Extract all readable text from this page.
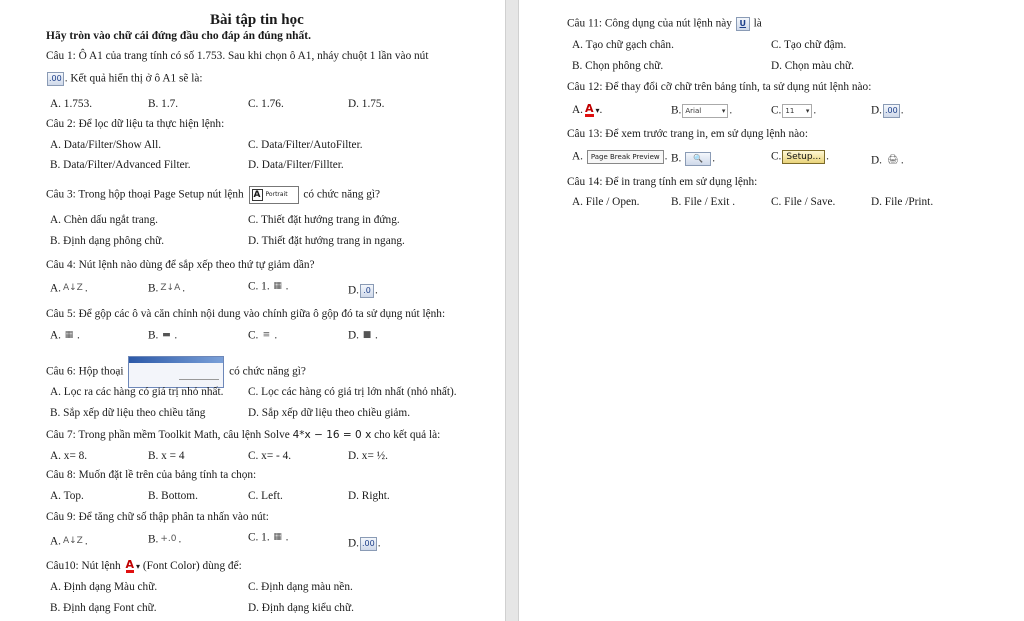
Bài tập tin học
Hãy tròn vào chữ cái đứng đầu cho đáp án đúng nhất.
Câu 1: Ô A1 của trang tính có số 1.753. Sau khi chọn ô A1, nháy chuột 1 lần vào nút
.00 . Kết quả hiển thị ở ô A1 sẽ là:
A. 1.753.	B. 1.7.	C. 1.76.	D. 1.75.
Câu 2: Để lọc dữ liệu ta thực hiện lệnh:
A. Data/Filter/Show All.	C. Data/Filter/AutoFilter.
B. Data/Filter/Advanced Filter.	D. Data/Filter/Fillter.
Câu 3: Trong hộp thoại Page Setup nút lệnh A Portrait có chức năng gì?
A. Chèn dấu ngắt trang.	C. Thiết đặt hướng trang in đứng.
B. Định dạng phông chữ.	D. Thiết đặt hướng trang in ngang.
Câu 4: Nút lệnh nào dùng để sắp xếp theo thứ tự giảm dần?
A. A↓Z .	B. Z↓A .	C. 1. ▦ .	D. .0 .
Câu 5: Để gộp các ô và căn chỉnh nội dung vào chính giữa ô gộp đó ta sử dụng nút lệnh:
A. ▦ .	B. ▬ .	C. ≡ .	D. ■ .
Câu 6: Hộp thoại	có chức năng gì?
A. Lọc ra các hàng có giá trị nhỏ nhất. C. Lọc các hàng có giá trị lớn nhất (nhỏ nhất).
B. Sắp xếp dữ liệu theo chiều tăng	D. Sắp xếp dữ liệu theo chiều giảm.
Câu 7: Trong phần mềm Toolkit Math, câu lệnh Solve 4*x − 16 = 0 x cho kết quả là:
A. x= 8.	B. x = 4	C. x= - 4.	D. x= ½.
Câu 8: Muốn đặt lề trên của bảng tính ta chọn:
A. Top.	B. Bottom.	C. Left.	D. Right.
Câu 9: Để tăng chữ số thập phân ta nhấn vào nút:
A. A↓Z .	B. +.0 .	C. 1. ▦ .	D. .00 .
Câu10: Nút lệnh A ▾ (Font Color) dùng để:
A. Định dạng Màu chữ.	C. Định dạng màu nền.
B. Định dạng Font chữ.	D. Định dạng kiểu chữ.
Câu 11: Công dụng của nút lệnh này U là
A. Tạo chữ gạch chân.	C. Tạo chữ đậm.
B. Chọn phông chữ.	D. Chọn màu chữ.
Câu 12: Để thay đổi cỡ chữ trên bảng tính, ta sử dụng nút lệnh nào:
A. A ▾.	B. Arial ▾ .	C. 11 ▾ .	D. .00 .
Câu 13: Để xem trước trang in, em sử dụng lệnh nào:
A. Page Break Preview . B. 🔍 .	C. Setup... .	D. 🖨 .
Câu 14: Để in trang tính em sử dụng lệnh:
A. File / Open.	B. File / Exit .	C. File / Save.	D. File /Print.
